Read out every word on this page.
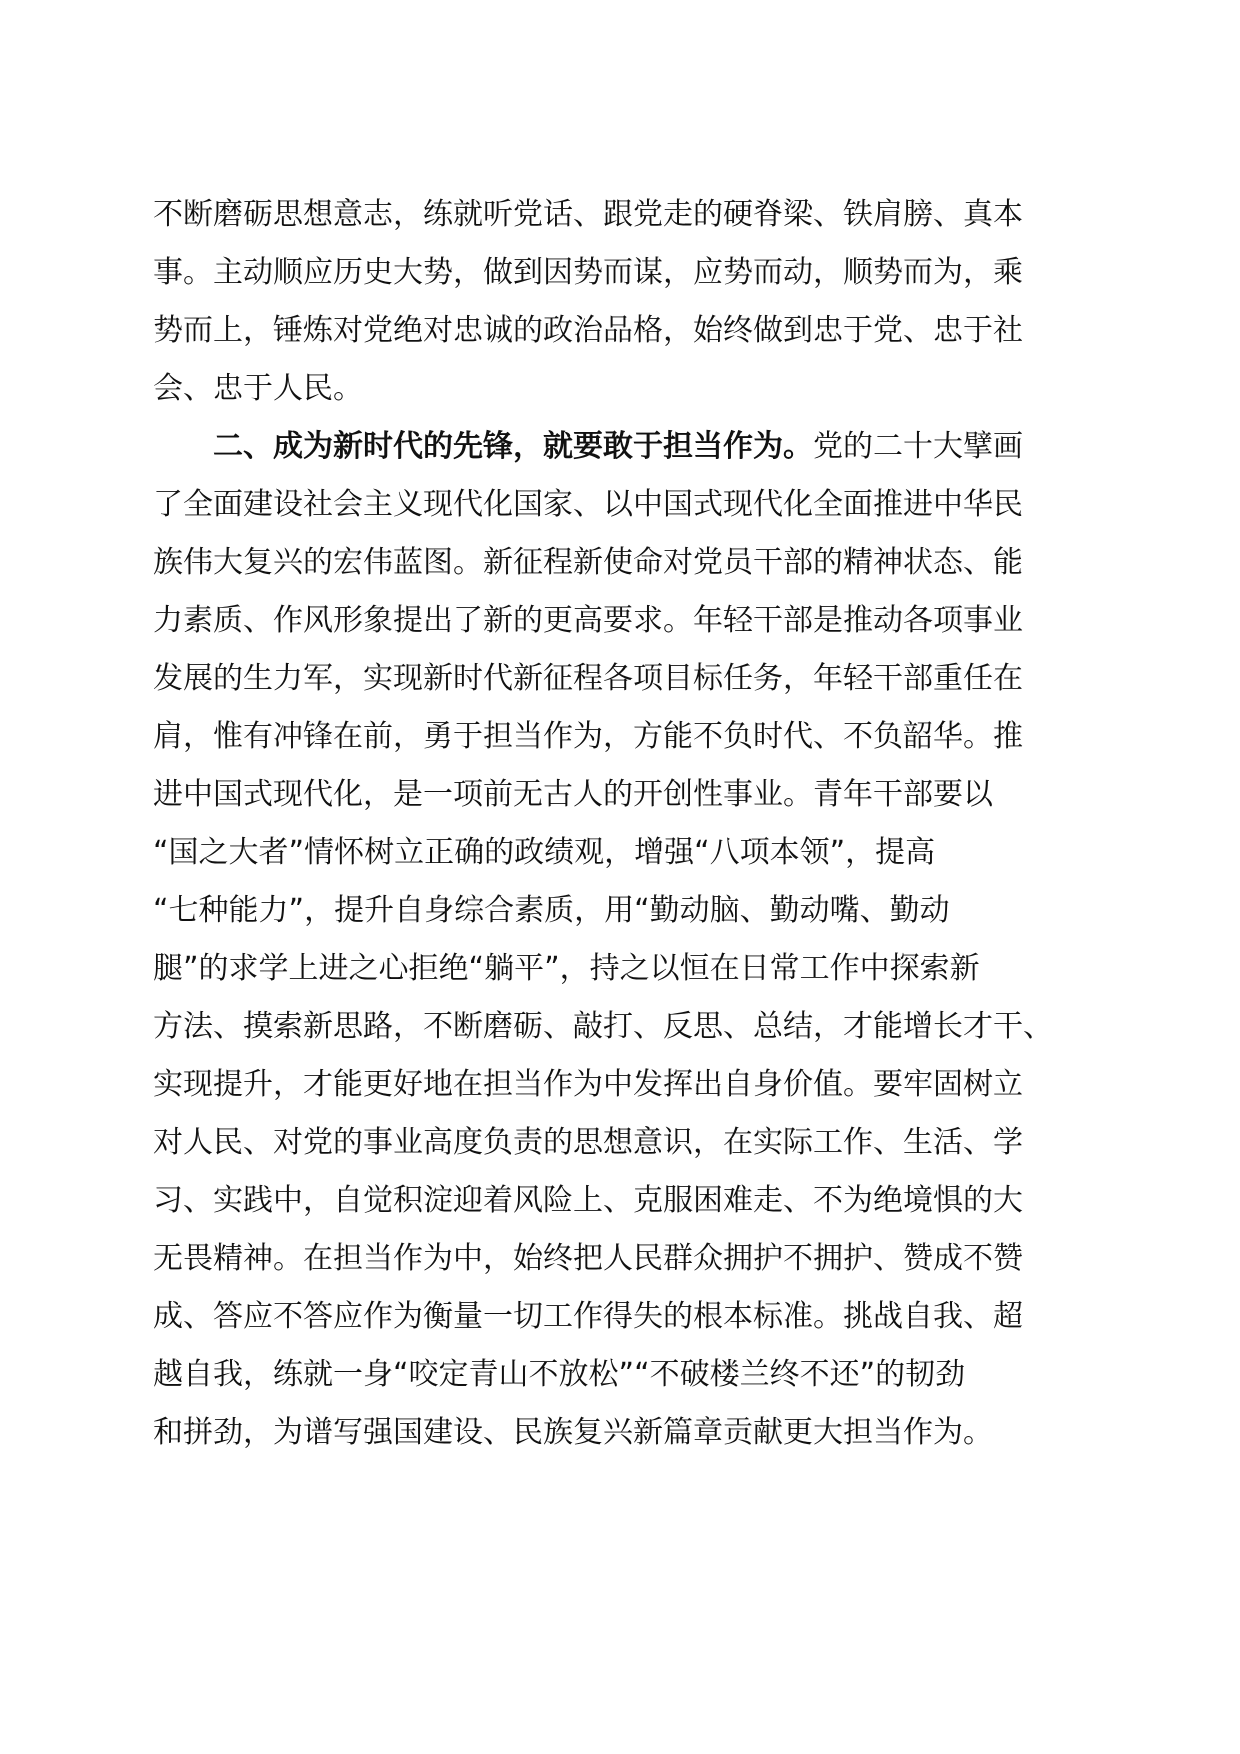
不断磨砺思想意志，练就听党话、跟党走的硬脊梁、铁肩膀、真本
事。主动顺应历史大势，做到因势而谋，应势而动，顺势而为，乘
势而上，锤炼对党绝对忠诚的政治品格，始终做到忠于党、忠于社
会、忠于人民。
二、成为新时代的先锋，就要敢于担当作为。党的二十大擘画
了全面建设社会主义现代化国家、以中国式现代化全面推进中华民
族伟大复兴的宏伟蓝图。新征程新使命对党员干部的精神状态、能
力素质、作风形象提出了新的更高要求。年轻干部是推动各项事业
发展的生力军，实现新时代新征程各项目标任务，年轻干部重任在
肩，惟有冲锋在前，勇于担当作为，方能不负时代、不负韶华。推
进中国式现代化，是一项前无古人的开创性事业。青年干部要以
“国之大者”情怀树立正确的政绩观，增强“八项本领”，提高
“七种能力”，提升自身综合素质，用“勤动脑、勤动嘴、勤动
腿”的求学上进之心拒绝“躺平”，持之以恒在日常工作中探索新
方法、摸索新思路，不断磨砺、敲打、反思、总结，才能增长才干、
实现提升，才能更好地在担当作为中发挥出自身价值。要牢固树立
对人民、对党的事业高度负责的思想意识，在实际工作、生活、学
习、实践中，自觉积淀迎着风险上、克服困难走、不为绝境惧的大
无畏精神。在担当作为中，始终把人民群众拥护不拥护、赞成不赞
成、答应不答应作为衡量一切工作得失的根本标准。挑战自我、超
越自我，练就一身“咬定青山不放松”“不破楼兰终不还”的韧劲
和拼劲，为谱写强国建设、民族复兴新篇章贡献更大担当作为。
